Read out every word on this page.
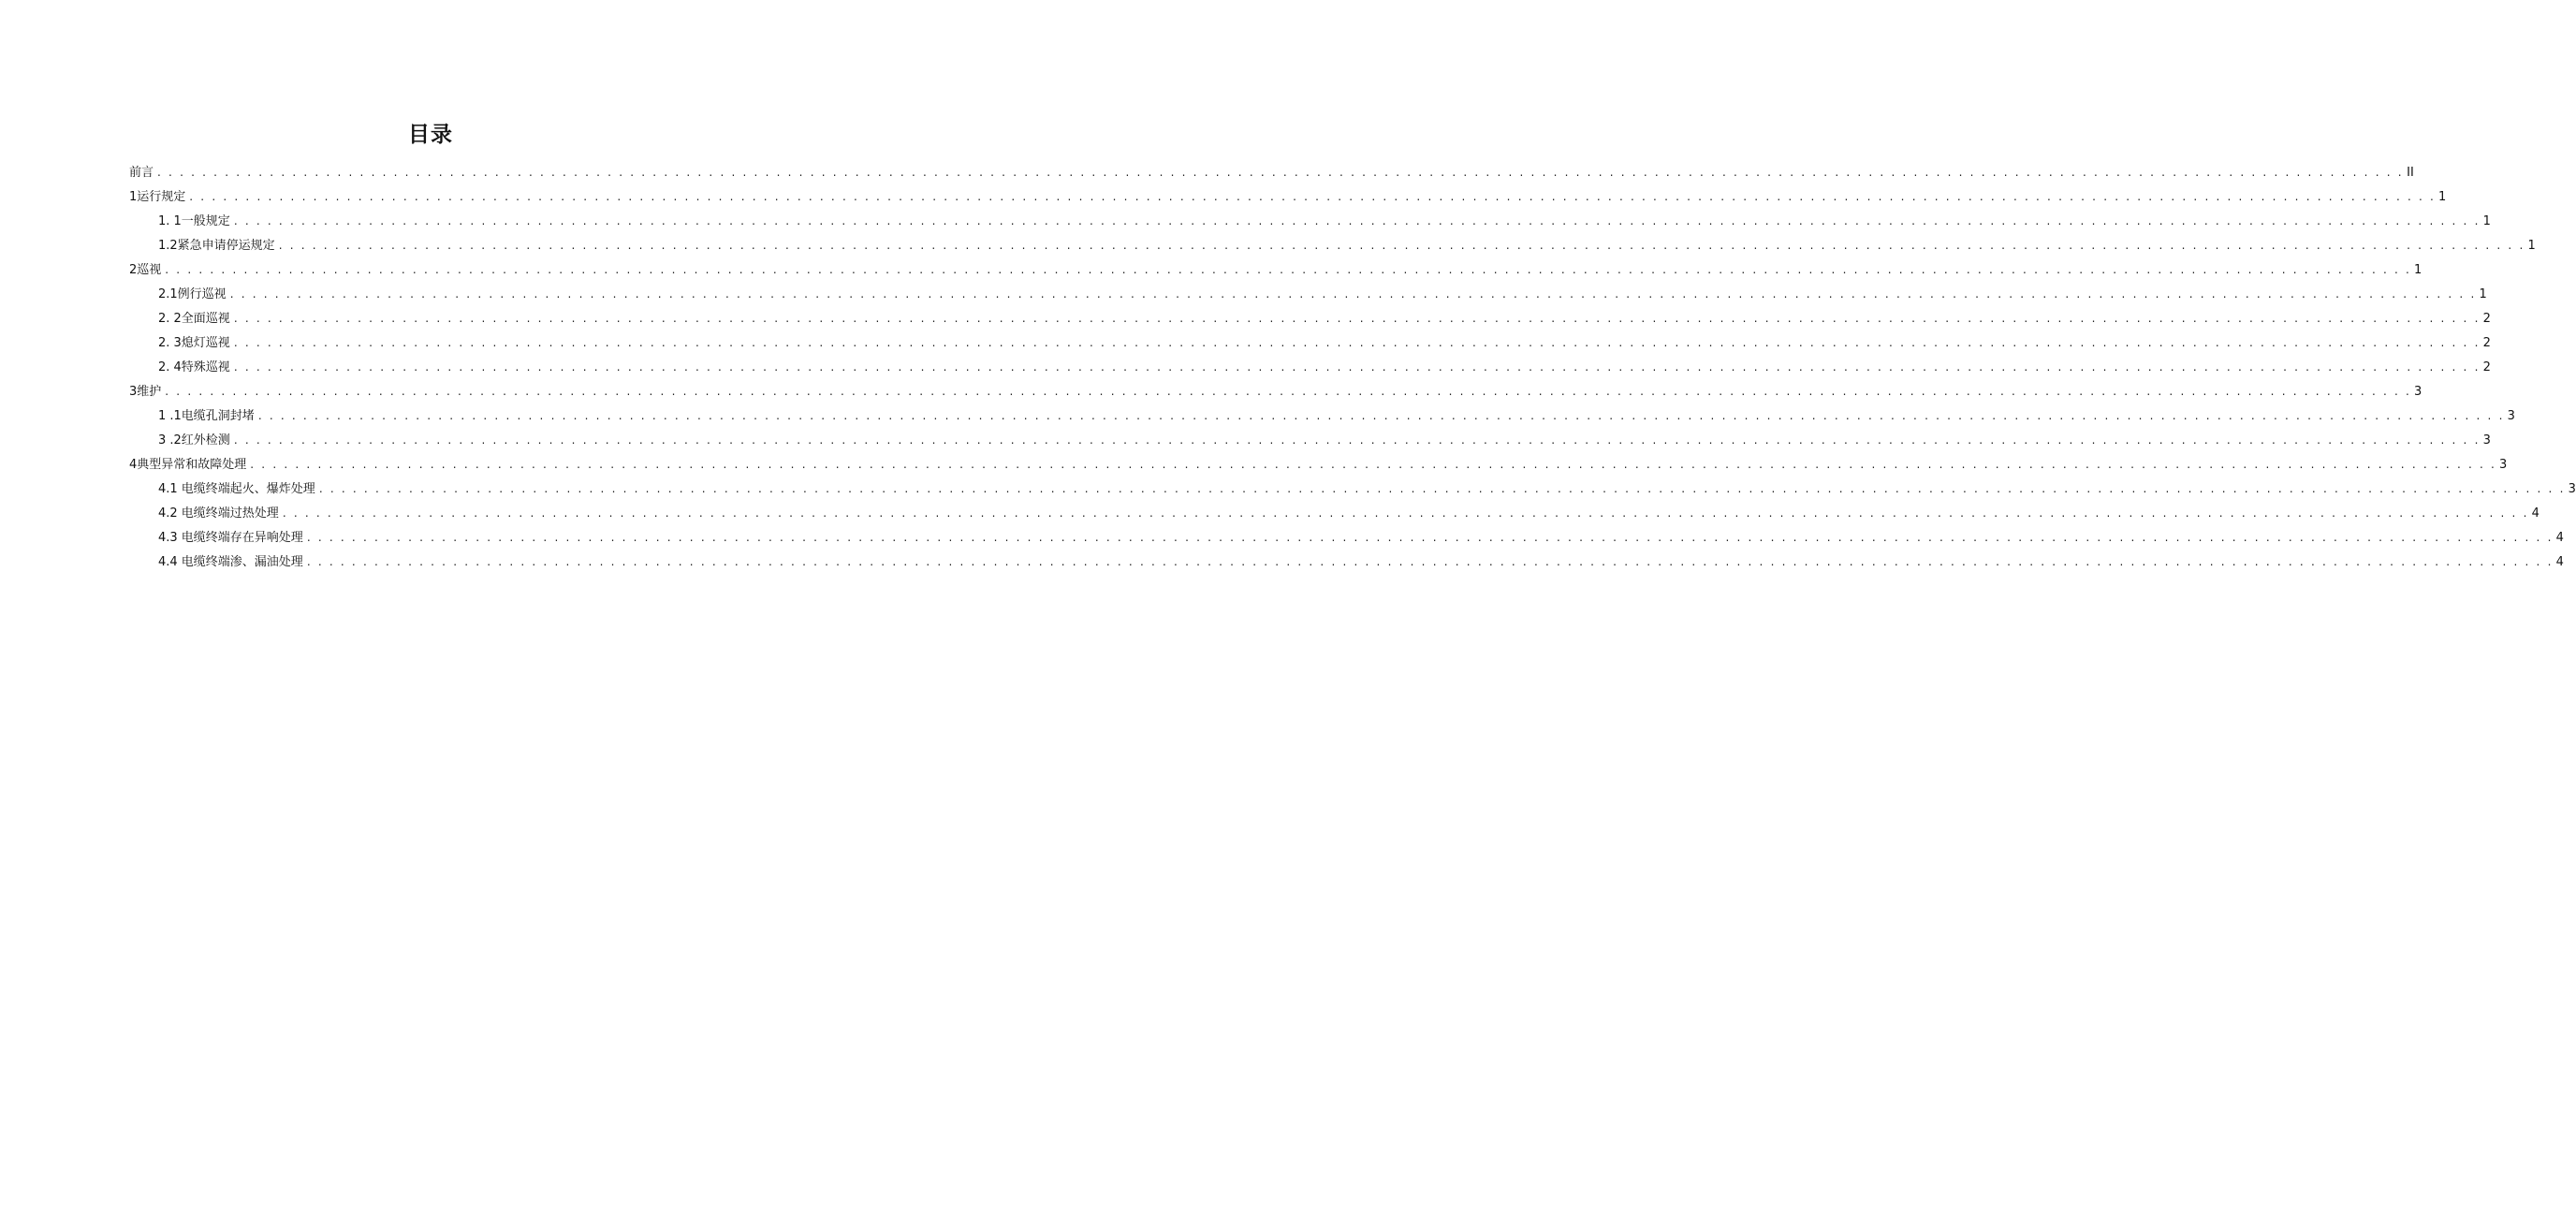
目录
前言 . . . . . . . . . . . . . . . . . . . . . . . . . . . . . . . . . . . . . . . . . . . . . . . . . . . . . . . . . . . . . . . . . . . . . . . . . . . . . . . . . . . . . . . . . . . . . . . . . . . . . . . . . . . . . . . . . . . . . . . . . . . . . . . . . . . . . . . . . . . . . . . . . . . . . . . . . . . . . . . . . . . . . . . . . . . . . . . . . . . . . . . . . . . . . . . . . . . . . . . . II
1运行规定 . . . . . . . . . . . . . . . . . . . . . . . . . . . . . . . . . . . . . . . . . . . . . . . . . . . . . . . . . . . . . . . . . . . . . . . . . . . . . . . . . . . . . . . . . . . . . . . . . . . . . . . . . . . . . . . . . . . . . . . . . . . . . . . . . . . . . . . . . . . . . . . . . . . . . . . . . . . . . . . . . . . . . . . . . . . . . . . . . . . . . . . . . . . . . . . . . . . . . . . . 1
1. 1一般规定 . . . . . . . . . . . . . . . . . . . . . . . . . . . . . . . . . . . . . . . . . . . . . . . . . . . . . . . . . . . . . . . . . . . . . . . . . . . . . . . . . . . . . . . . . . . . . . . . . . . . . . . . . . . . . . . . . . . . . . . . . . . . . . . . . . . . . . . . . . . . . . . . . . . . . . . . . . . . . . . . . . . . . . . . . . . . . . . . . . . . . . . . . . . . . . . . . . . . . . . . 1
1.2紧急申请停运规定 . . . . . . . . . . . . . . . . . . . . . . . . . . . . . . . . . . . . . . . . . . . . . . . . . . . . . . . . . . . . . . . . . . . . . . . . . . . . . . . . . . . . . . . . . . . . . . . . . . . . . . . . . . . . . . . . . . . . . . . . . . . . . . . . . . . . . . . . . . . . . . . . . . . . . . . . . . . . . . . . . . . . . . . . . . . . . . . . . . . . . . . . . . . . . . . . . . . . . . . . 1
2巡视 . . . . . . . . . . . . . . . . . . . . . . . . . . . . . . . . . . . . . . . . . . . . . . . . . . . . . . . . . . . . . . . . . . . . . . . . . . . . . . . . . . . . . . . . . . . . . . . . . . . . . . . . . . . . . . . . . . . . . . . . . . . . . . . . . . . . . . . . . . . . . . . . . . . . . . . . . . . . . . . . . . . . . . . . . . . . . . . . . . . . . . . . . . . . . . . . . . . . . . . . 1
2.1例行巡视 . . . . . . . . . . . . . . . . . . . . . . . . . . . . . . . . . . . . . . . . . . . . . . . . . . . . . . . . . . . . . . . . . . . . . . . . . . . . . . . . . . . . . . . . . . . . . . . . . . . . . . . . . . . . . . . . . . . . . . . . . . . . . . . . . . . . . . . . . . . . . . . . . . . . . . . . . . . . . . . . . . . . . . . . . . . . . . . . . . . . . . . . . . . . . . . . . . . . . . . . 1
2. 2全面巡视 . . . . . . . . . . . . . . . . . . . . . . . . . . . . . . . . . . . . . . . . . . . . . . . . . . . . . . . . . . . . . . . . . . . . . . . . . . . . . . . . . . . . . . . . . . . . . . . . . . . . . . . . . . . . . . . . . . . . . . . . . . . . . . . . . . . . . . . . . . . . . . . . . . . . . . . . . . . . . . . . . . . . . . . . . . . . . . . . . . . . . . . . . . . . . . . . . . . . . . . . 2
2. 3熄灯巡视 . . . . . . . . . . . . . . . . . . . . . . . . . . . . . . . . . . . . . . . . . . . . . . . . . . . . . . . . . . . . . . . . . . . . . . . . . . . . . . . . . . . . . . . . . . . . . . . . . . . . . . . . . . . . . . . . . . . . . . . . . . . . . . . . . . . . . . . . . . . . . . . . . . . . . . . . . . . . . . . . . . . . . . . . . . . . . . . . . . . . . . . . . . . . . . . . . . . . . . . . 2
2. 4特殊巡视 . . . . . . . . . . . . . . . . . . . . . . . . . . . . . . . . . . . . . . . . . . . . . . . . . . . . . . . . . . . . . . . . . . . . . . . . . . . . . . . . . . . . . . . . . . . . . . . . . . . . . . . . . . . . . . . . . . . . . . . . . . . . . . . . . . . . . . . . . . . . . . . . . . . . . . . . . . . . . . . . . . . . . . . . . . . . . . . . . . . . . . . . . . . . . . . . . . . . . . . . 2
3维护 . . . . . . . . . . . . . . . . . . . . . . . . . . . . . . . . . . . . . . . . . . . . . . . . . . . . . . . . . . . . . . . . . . . . . . . . . . . . . . . . . . . . . . . . . . . . . . . . . . . . . . . . . . . . . . . . . . . . . . . . . . . . . . . . . . . . . . . . . . . . . . . . . . . . . . . . . . . . . . . . . . . . . . . . . . . . . . . . . . . . . . . . . . . . . . . . . . . . . . . . 3
1 .1电缆孔洞封堵 . . . . . . . . . . . . . . . . . . . . . . . . . . . . . . . . . . . . . . . . . . . . . . . . . . . . . . . . . . . . . . . . . . . . . . . . . . . . . . . . . . . . . . . . . . . . . . . . . . . . . . . . . . . . . . . . . . . . . . . . . . . . . . . . . . . . . . . . . . . . . . . . . . . . . . . . . . . . . . . . . . . . . . . . . . . . . . . . . . . . . . . . . . . . . . . . . . . . . . . . 3
3 .2红外检测 . . . . . . . . . . . . . . . . . . . . . . . . . . . . . . . . . . . . . . . . . . . . . . . . . . . . . . . . . . . . . . . . . . . . . . . . . . . . . . . . . . . . . . . . . . . . . . . . . . . . . . . . . . . . . . . . . . . . . . . . . . . . . . . . . . . . . . . . . . . . . . . . . . . . . . . . . . . . . . . . . . . . . . . . . . . . . . . . . . . . . . . . . . . . . . . . . . . . . . . . 3
4典型异常和故障处理 . . . . . . . . . . . . . . . . . . . . . . . . . . . . . . . . . . . . . . . . . . . . . . . . . . . . . . . . . . . . . . . . . . . . . . . . . . . . . . . . . . . . . . . . . . . . . . . . . . . . . . . . . . . . . . . . . . . . . . . . . . . . . . . . . . . . . . . . . . . . . . . . . . . . . . . . . . . . . . . . . . . . . . . . . . . . . . . . . . . . . . . . . . . . . . . . . . . . . . . . 3
4.1 电缆终端起火、爆炸处理 . . . . . . . . . . . . . . . . . . . . . . . . . . . . . . . . . . . . . . . . . . . . . . . . . . . . . . . . . . . . . . . . . . . . . . . . . . . . . . . . . . . . . . . . . . . . . . . . . . . . . . . . . . . . . . . . . . . . . . . . . . . . . . . . . . . . . . . . . . . . . . . . . . . . . . . . . . . . . . . . . . . . . . . . . . . . . . . . . . . . . . . . . . . . . . . . . . . . . . . . 3
4.2 电缆终端过热处理 . . . . . . . . . . . . . . . . . . . . . . . . . . . . . . . . . . . . . . . . . . . . . . . . . . . . . . . . . . . . . . . . . . . . . . . . . . . . . . . . . . . . . . . . . . . . . . . . . . . . . . . . . . . . . . . . . . . . . . . . . . . . . . . . . . . . . . . . . . . . . . . . . . . . . . . . . . . . . . . . . . . . . . . . . . . . . . . . . . . . . . . . . . . . . . . . . . . . . . . . 4
4.3 电缆终端存在异响处理 . . . . . . . . . . . . . . . . . . . . . . . . . . . . . . . . . . . . . . . . . . . . . . . . . . . . . . . . . . . . . . . . . . . . . . . . . . . . . . . . . . . . . . . . . . . . . . . . . . . . . . . . . . . . . . . . . . . . . . . . . . . . . . . . . . . . . . . . . . . . . . . . . . . . . . . . . . . . . . . . . . . . . . . . . . . . . . . . . . . . . . . . . . . . . . . . . . . . . . . . 4
4.4 电缆终端渗、漏油处理 . . . . . . . . . . . . . . . . . . . . . . . . . . . . . . . . . . . . . . . . . . . . . . . . . . . . . . . . . . . . . . . . . . . . . . . . . . . . . . . . . . . . . . . . . . . . . . . . . . . . . . . . . . . . . . . . . . . . . . . . . . . . . . . . . . . . . . . . . . . . . . . . . . . . . . . . . . . . . . . . . . . . . . . . . . . . . . . . . . . . . . . . . . . . . . . . . . . . . . . . 4
